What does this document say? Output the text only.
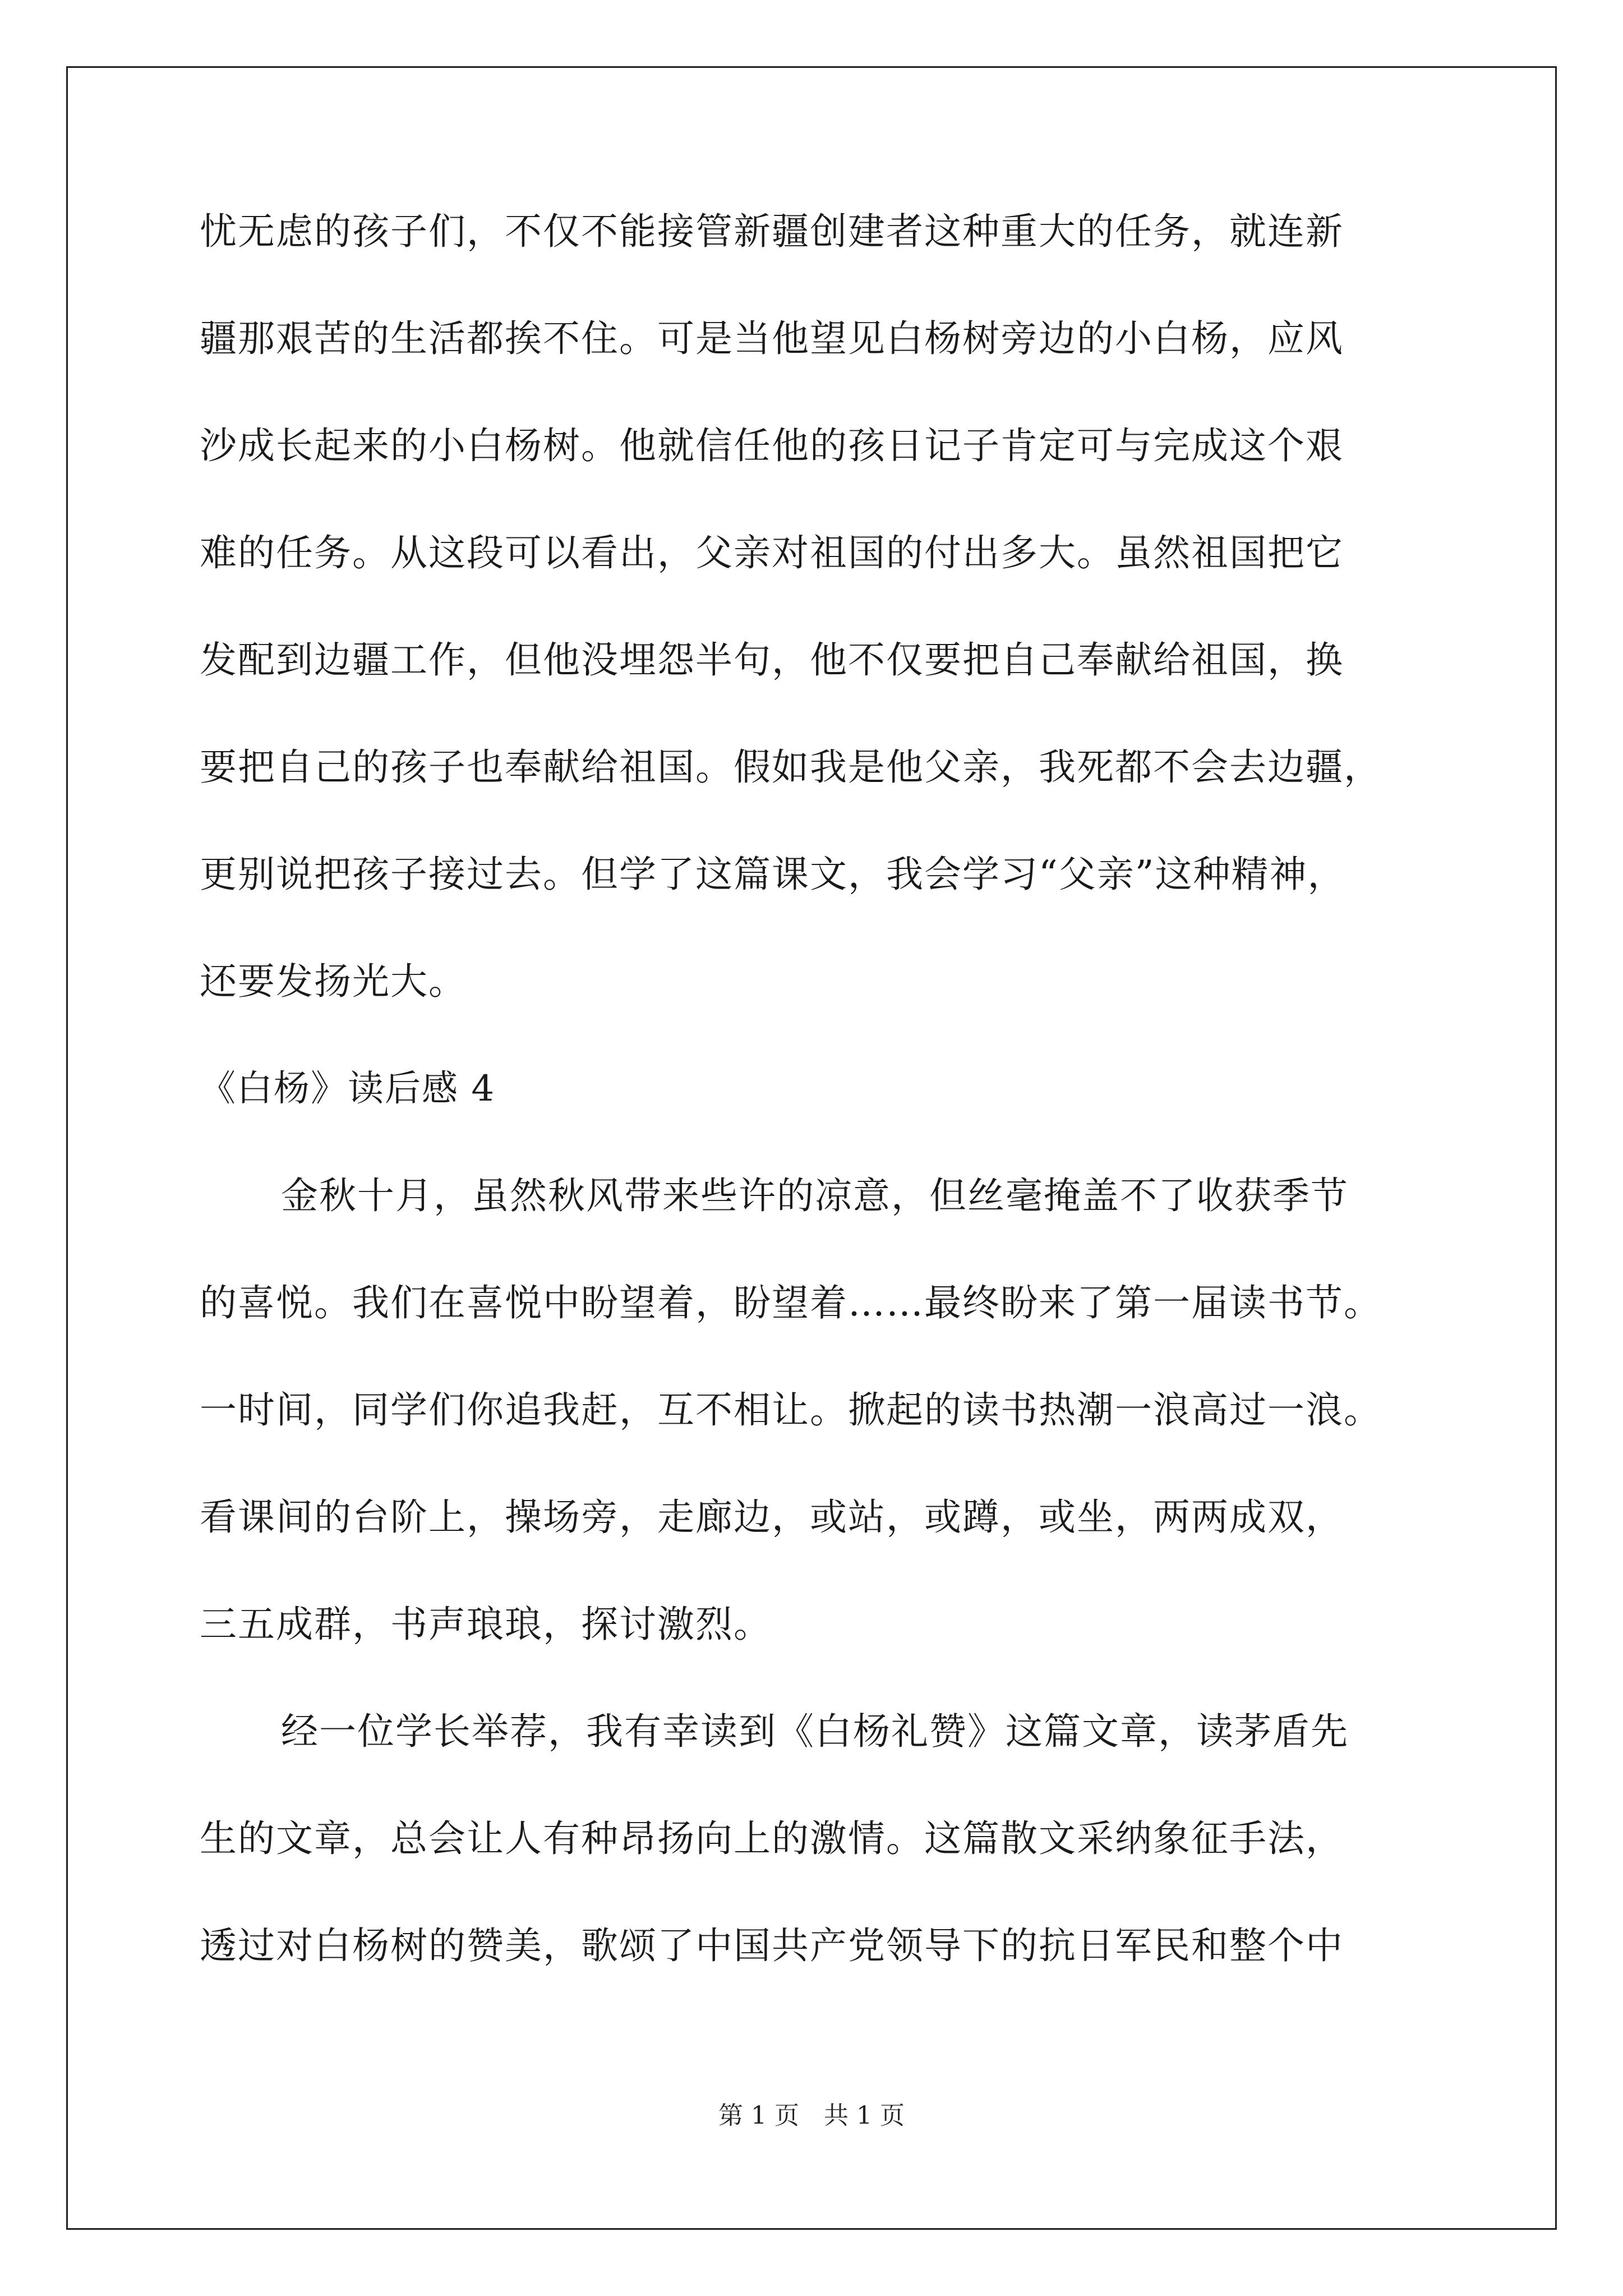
忧无虑的孩子们，不仅不能接管新疆创建者这种重大的任务，就连新
疆那艰苦的生活都挨不住。可是当他望见白杨树旁边的小白杨，应风
沙成长起来的小白杨树。他就信任他的孩日记子肯定可与完成这个艰
难的任务。从这段可以看出，父亲对祖国的付出多大。虽然祖国把它
发配到边疆工作，但他没埋怨半句，他不仅要把自己奉献给祖国，换
要把自己的孩子也奉献给祖国。假如我是他父亲，我死都不会去边疆，
更别说把孩子接过去。但学了这篇课文，我会学习“父亲”这种精神，
还要发扬光大。
《白杨》读后感 4
金秋十月，虽然秋风带来些许的凉意，但丝毫掩盖不了收获季节
的喜悦。我们在喜悦中盼望着，盼望着……最终盼来了第一届读书节。
一时间，同学们你追我赶，互不相让。掀起的读书热潮一浪高过一浪。
看课间的台阶上，操场旁，走廊边，或站，或蹲，或坐，两两成双，
三五成群，书声琅琅，探讨激烈。
经一位学长举荐，我有幸读到《白杨礼赞》这篇文章，读茅盾先
生的文章，总会让人有种昂扬向上的激情。这篇散文采纳象征手法，
透过对白杨树的赞美，歌颂了中国共产党领导下的抗日军民和整个中
第 1 页 共 1 页
